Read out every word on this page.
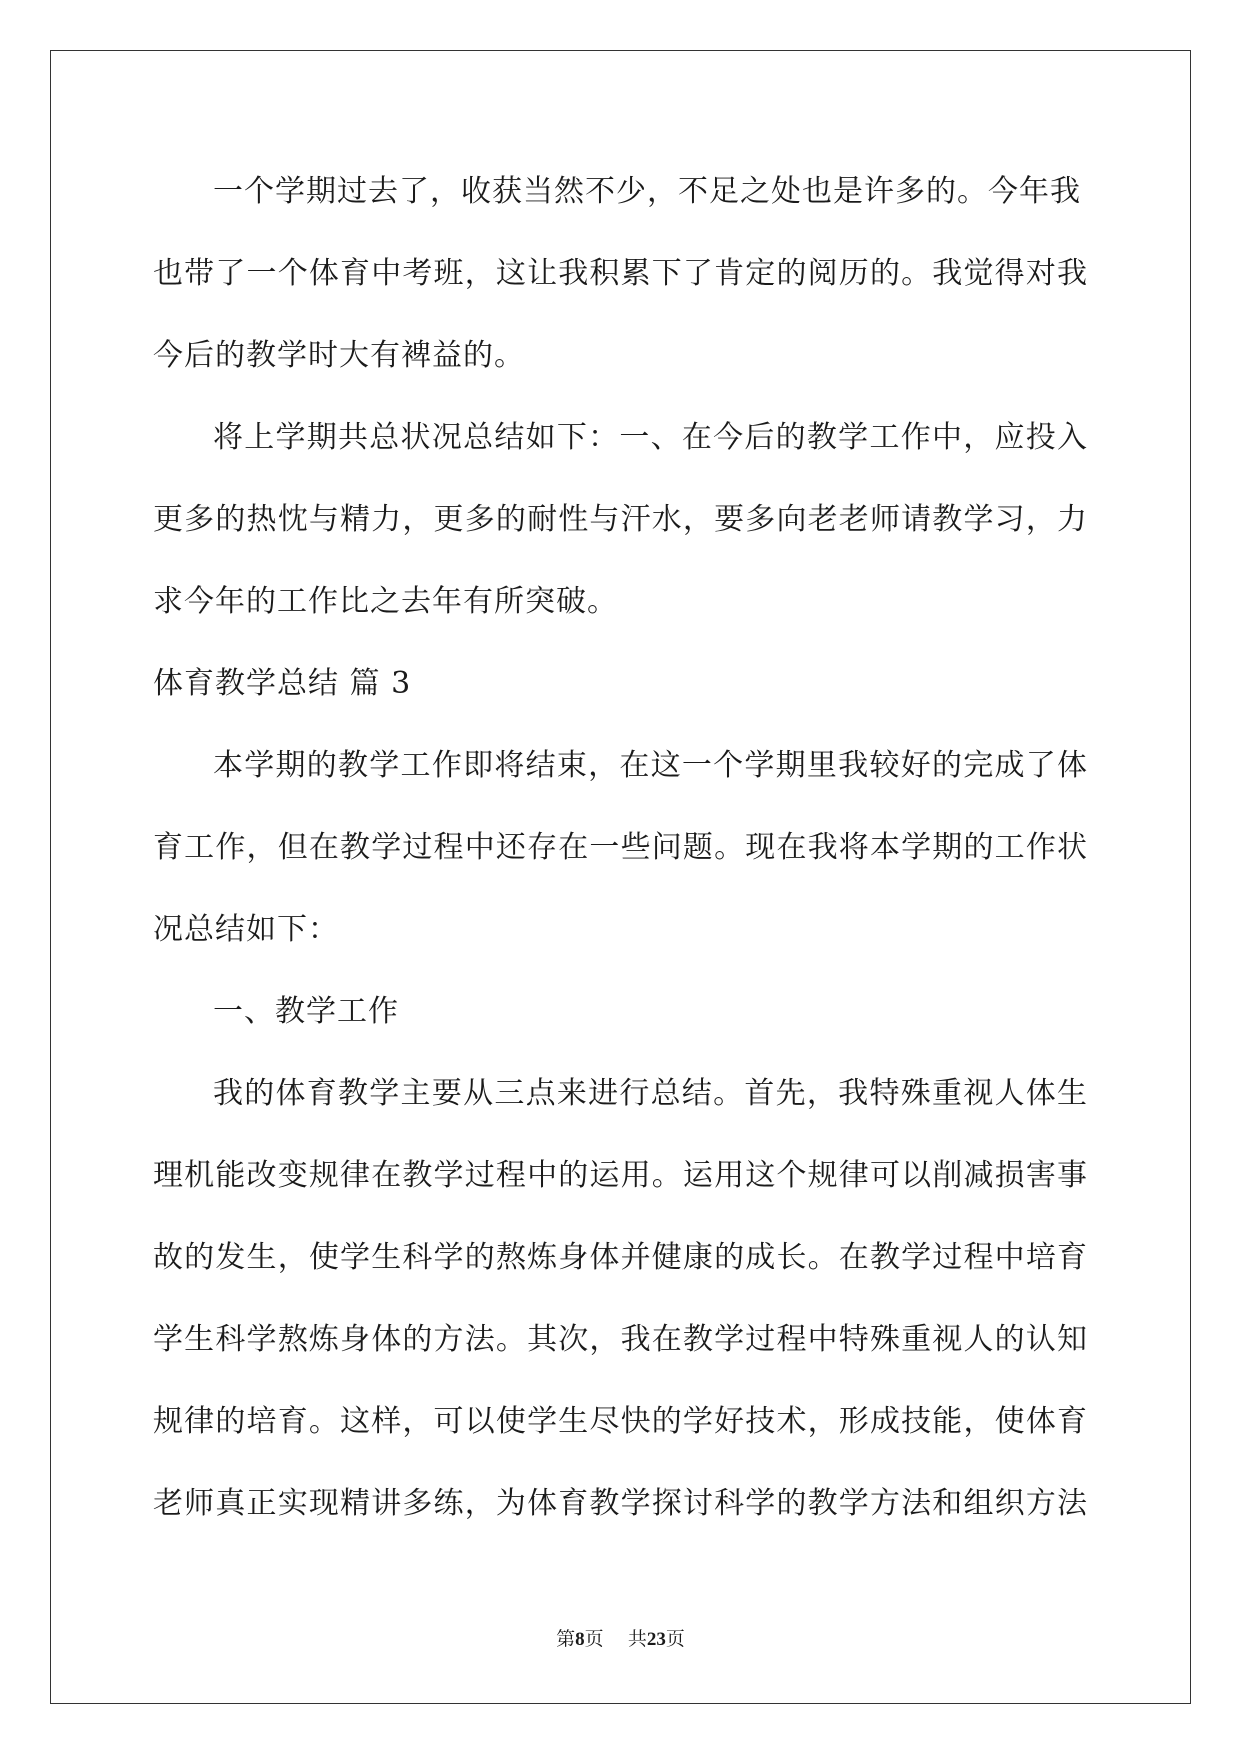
一个学期过去了，收获当然不少，不足之处也是许多的。今年我
也带了一个体育中考班，这让我积累下了肯定的阅历的。我觉得对我
今后的教学时大有裨益的。
将上学期共总状况总结如下：一、在今后的教学工作中，应投入
更多的热忱与精力，更多的耐性与汗水，要多向老老师请教学习，力
求今年的工作比之去年有所突破。
体育教学总结 篇 3
本学期的教学工作即将结束，在这一个学期里我较好的完成了体
育工作，但在教学过程中还存在一些问题。现在我将本学期的工作状
况总结如下：
一、教学工作
我的体育教学主要从三点来进行总结。首先，我特殊重视人体生
理机能改变规律在教学过程中的运用。运用这个规律可以削减损害事
故的发生，使学生科学的熬炼身体并健康的成长。在教学过程中培育
学生科学熬炼身体的方法。其次，我在教学过程中特殊重视人的认知
规律的培育。这样，可以使学生尽快的学好技术，形成技能，使体育
老师真正实现精讲多练，为体育教学探讨科学的教学方法和组织方法
第8页 共23页
